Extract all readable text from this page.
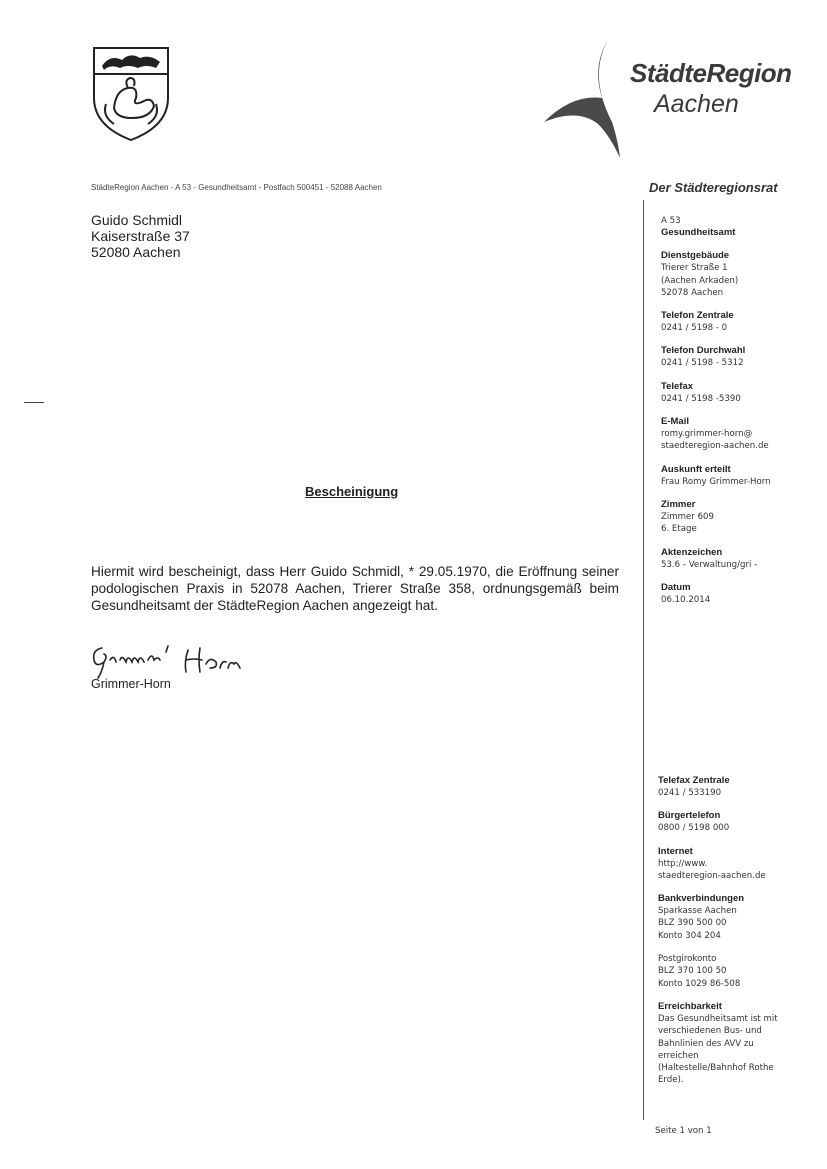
StädteRegion
Aachen
StädteRegion Aachen - A 53 - Gesundheitsamt - Postfach 500451 - 52088 Aachen	Der Städteregionsrat
Guido Schmidl
Kaiserstraße 37
52080 Aachen
Bescheinigung
Hiermit wird bescheinigt, dass Herr Guido Schmidl, * 29.05.1970, die Eröffnung seiner podologischen Praxis in 52078 Aachen, Trierer Straße 358, ordnungsgemäß beim Gesundheitsamt der StädteRegion Aachen angezeigt hat.
Grimmer-Horn
A 53
Gesundheitsamt
Dienstgebäude
Trierer Straße 1
(Aachen Arkaden)
52078 Aachen
Telefon Zentrale
0241 / 5198 - 0
Telefon Durchwahl
0241 / 5198 - 5312
Telefax
0241 / 5198 -5390
E-Mail
romy.grimmer-horn@
staedteregion-aachen.de
Auskunft erteilt
Frau Romy Grimmer-Horn
Zimmer
Zimmer 609
6. Etage
Aktenzeichen
53.6 - Verwaltung/gri -
Datum
06.10.2014
Telefax Zentrale
0241 / 533190
Bürgertelefon
0800 / 5198 000
Internet
http://www.
staedteregion-aachen.de
Bankverbindungen
Sparkasse Aachen
BLZ 390 500 00
Konto 304 204
Postgirokonto
BLZ 370 100 50
Konto 1029 86-508
Erreichbarkeit
Das Gesundheitsamt ist mit
verschiedenen Bus- und
Bahnlinien des AVV zu
erreichen
(Haltestelle/Bahnhof Rothe
Erde).
Seite 1 von 1
